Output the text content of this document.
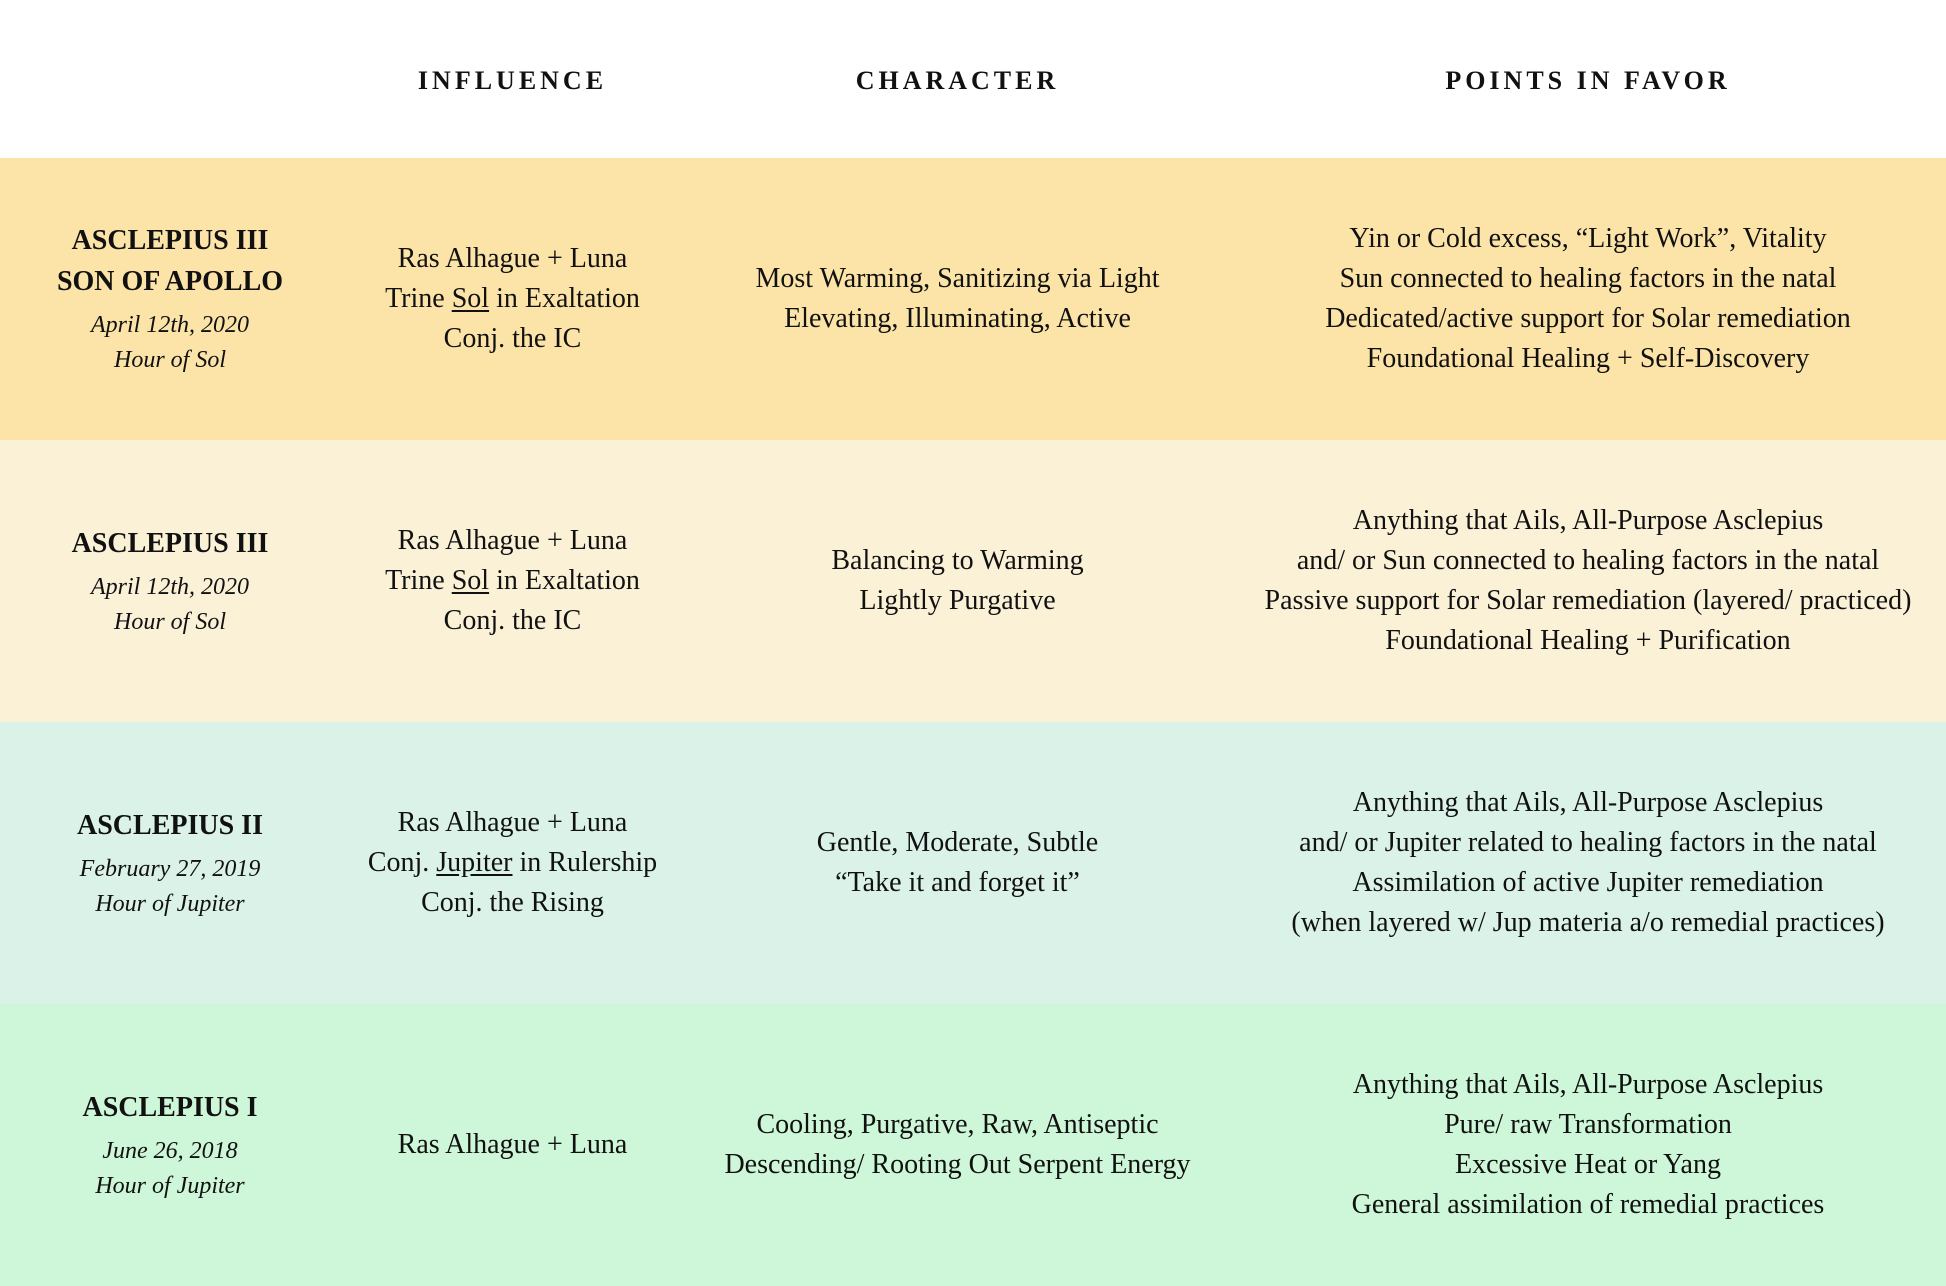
INFLUENCE	CHARACTER	POINTS IN FAVOR
ASCLEPIUS III
SON OF APOLLO
April 12th, 2020
Hour of Sol
Ras Alhague + Luna
Trine Sol in Exaltation
Conj. the IC
Most Warming, Sanitizing via Light
Elevating, Illuminating, Active
Yin or Cold excess, “Light Work”, Vitality
Sun connected to healing factors in the natal
Dedicated/active support for Solar remediation
Foundational Healing + Self-Discovery
ASCLEPIUS III
April 12th, 2020
Hour of Sol
Ras Alhague + Luna
Trine Sol in Exaltation
Conj. the IC
Balancing to Warming
Lightly Purgative
Anything that Ails, All-Purpose Asclepius
and/ or Sun connected to healing factors in the natal
Passive support for Solar remediation (layered/ practiced)
Foundational Healing + Purification
ASCLEPIUS II
February 27, 2019
Hour of Jupiter
Ras Alhague + Luna
Conj. Jupiter in Rulership
Conj. the Rising
Gentle, Moderate, Subtle
“Take it and forget it”
Anything that Ails, All-Purpose Asclepius
and/ or Jupiter related to healing factors in the natal
Assimilation of active Jupiter remediation
(when layered w/ Jup materia a/o remedial practices)
ASCLEPIUS I
June 26, 2018
Hour of Jupiter
Ras Alhague + Luna
Cooling, Purgative, Raw, Antiseptic
Descending/ Rooting Out Serpent Energy
Anything that Ails, All-Purpose Asclepius
Pure/ raw Transformation
Excessive Heat or Yang
General assimilation of remedial practices
